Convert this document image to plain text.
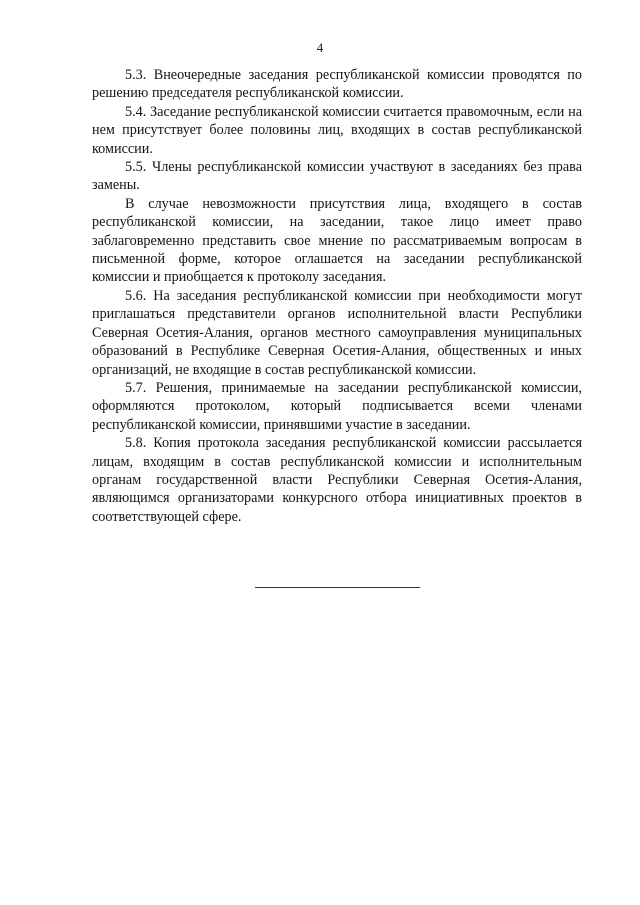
4

5.3. Внеочередные заседания республиканской комиссии проводятся по решению председателя республиканской комиссии.

5.4. Заседание республиканской комиссии считается правомочным, если на нем присутствует более половины лиц, входящих в состав республиканской комиссии.

5.5. Члены республиканской комиссии участвуют в заседаниях без права замены.

В случае невозможности присутствия лица, входящего в состав республиканской комиссии, на заседании, такое лицо имеет право заблаговременно представить свое мнение по рассматриваемым вопросам в письменной форме, которое оглашается на заседании республиканской комиссии и приобщается к протоколу заседания.

5.6. На заседания республиканской комиссии при необходимости могут приглашаться представители органов исполнительной власти Республики Северная Осетия-Алания, органов местного самоуправления муниципальных образований в Республике Северная Осетия-Алания, общественных и иных организаций, не входящие в состав республиканской комиссии.

5.7. Решения, принимаемые на заседании республиканской комиссии, оформляются протоколом, который подписывается всеми членами республиканской комиссии, принявшими участие в заседании.

5.8. Копия протокола заседания республиканской комиссии рассылается лицам, входящим в состав республиканской комиссии и исполнительным органам государственной власти Республики Северная Осетия-Алания, являющимся организаторами конкурсного отбора инициативных проектов в соответствующей сфере.
